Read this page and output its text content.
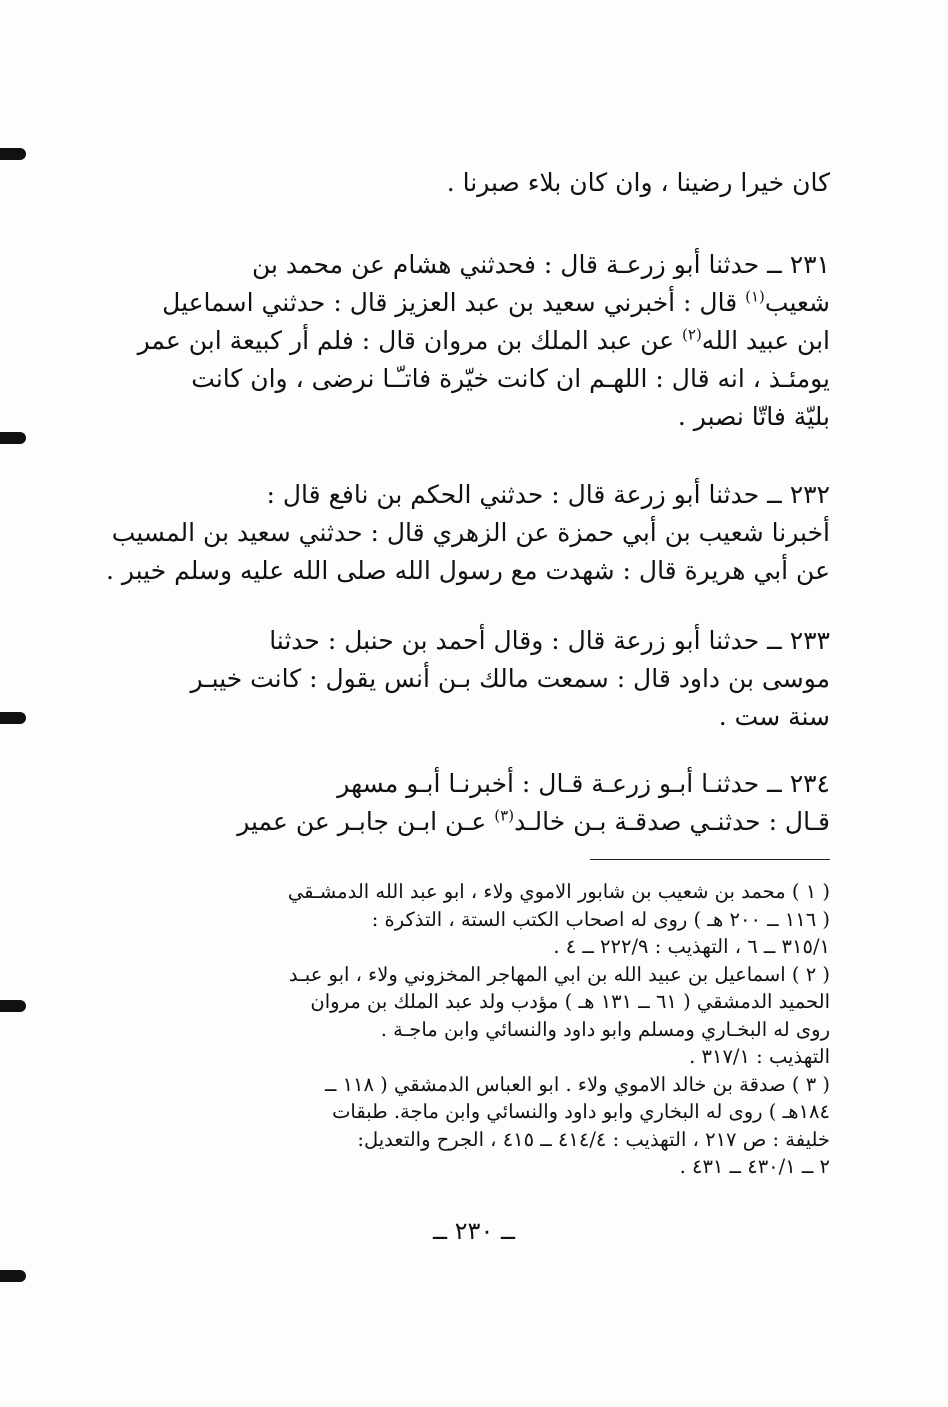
كان خيرا رضينا ، وان كان بلاء صبرنا .
٢٣١ ــ حدثنا أبو زرعـة قال : فحدثني هشام عن محمد بن
شعيب$^{(١)}$ قال : أخبرني سعيد بن عبد العزيز قال : حدثني اسماعيل
ابن عبيد الله$^{(٢)}$ عن عبد الملك بن مروان قال : فلم أر كبيعة ابن عمر
يومئـذ ، انه قال : اللهـم ان كانت خيّرة فاتـّـا نرضى ، وان كانت
بليّة فاتّا نصبر .
٢٣٢ ــ حدثنا أبو زرعة قال : حدثني الحكم بن نافع قال :
أخبرنا شعيب بن أبي حمزة عن الزهري قال : حدثني سعيد بن المسيب
عن أبي هريرة قال : شهدت مع رسول الله صلى الله عليه وسلم خيبر .
٢٣٣ ــ حدثنا أبو زرعة قال : وقال أحمد بن حنبل : حدثنا
موسى بن داود قال : سمعت مالك بـن أنس يقول : كانت خيبـر
سنة ست .
٢٣٤ ــ حدثنـا أبـو زرعـة قـال : أخبرنـا أبـو مسهر
قـال : حدثنـي صدقـة بـن خالـد$^{(٣)}$ عـن ابـن جابـر عن عمير
( ١ ) محمد بن شعيب بن شابور الاموي ولاء ، ابو عبد الله الدمشـقي
( ١١٦ ــ ٢٠٠ هـ ) روى له اصحاب الكتب الستة ، التذكرة :
٣١٥/١ ــ ٦ ، التهذيب : ٢٢٢/٩ ــ ٤ .
( ٢ ) اسماعيل بن عبيد الله بن ابي المهاجر المخزوني ولاء ، ابو عبـد
الحميد الدمشقي ( ٦١ ــ ١٣١ هـ ) مؤدب ولد عبد الملك بن مروان
روى له البخـاري ومسلم وابو داود والنسائي وابن ماجـة .
التهذيب : ٣١٧/١ .
( ٣ ) صدقة بن خالد الاموي ولاء . ابو العباس الدمشقي ( ١١٨ ــ
١٨٤هـ ) روى له البخاري وابو داود والنسائي وابن ماجة. طبقات
خليفة : ص ٢١٧ ، التهذيب : ٤١٤/٤ ــ ٤١٥ ، الجرح والتعديل:
٢ ــ ٤٣٠/١ ــ ٤٣١ .
ــ ٢٣٠ ــ
